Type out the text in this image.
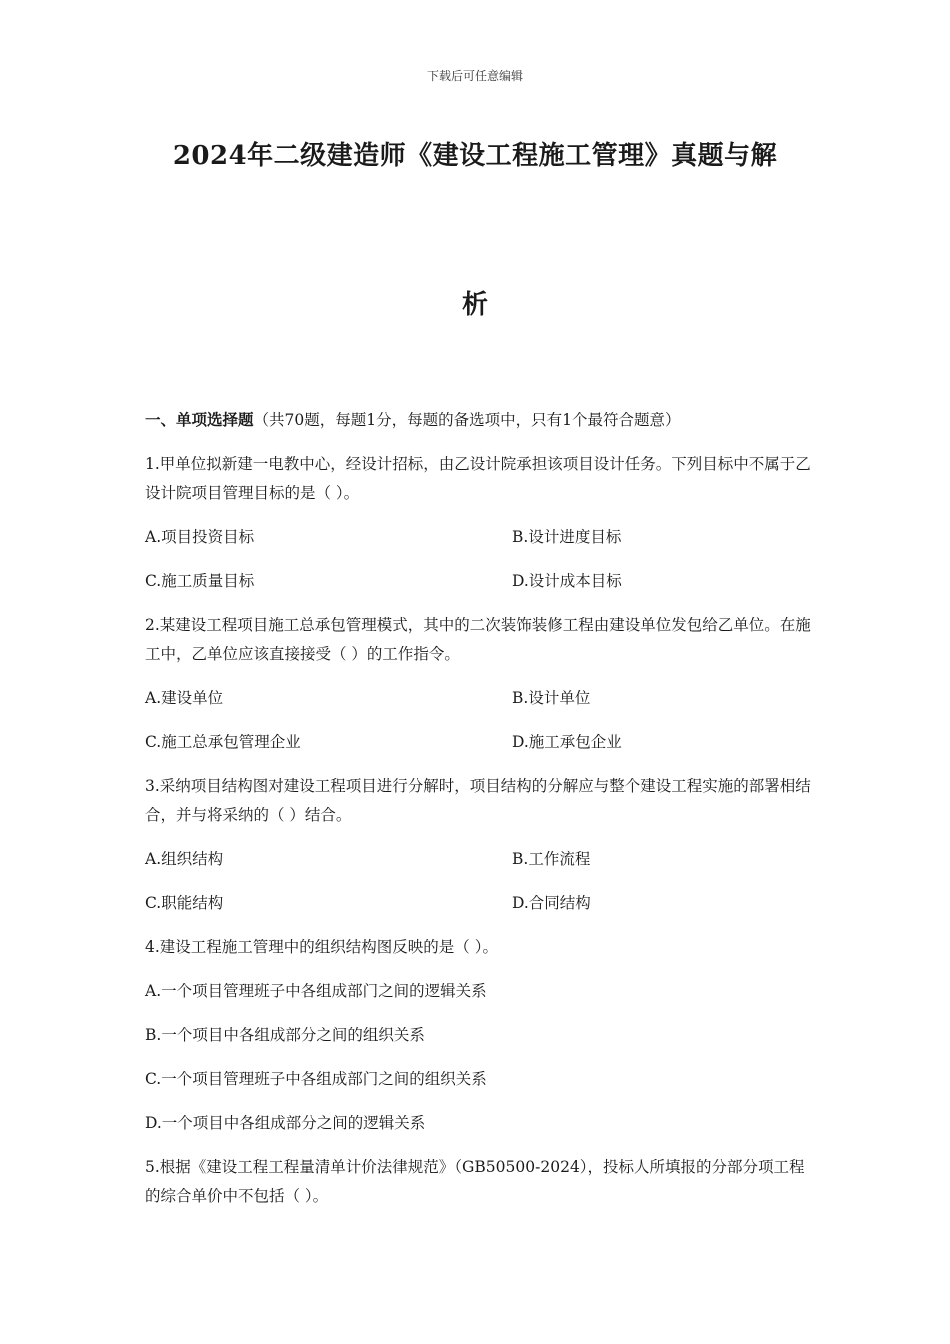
下载后可任意编辑
2024年二级建造师《建设工程施工管理》真题与解
析
一、单项选择题（共70题，每题1分，每题的备选项中，只有1个最符合题意）
1.甲单位拟新建一电教中心，经设计招标，由乙设计院承担该项目设计任务。下列目标中不属于乙设计院项目管理目标的是（ ）。
A.项目投资目标	B.设计进度目标
C.施工质量目标	D.设计成本目标
2.某建设工程项目施工总承包管理模式，其中的二次装饰装修工程由建设单位发包给乙单位。在施工中，乙单位应该直接接受（ ）的工作指令。
A.建设单位	B.设计单位
C.施工总承包管理企业	D.施工承包企业
3.采纳项目结构图对建设工程项目进行分解时，项目结构的分解应与整个建设工程实施的部署相结合，并与将采纳的（ ）结合。
A.组织结构	B.工作流程
C.职能结构	D.合同结构
4.建设工程施工管理中的组织结构图反映的是（ ）。
A.一个项目管理班子中各组成部门之间的逻辑关系
B.一个项目中各组成部分之间的组织关系
C.一个项目管理班子中各组成部门之间的组织关系
D.一个项目中各组成部分之间的逻辑关系
5.根据《建设工程工程量清单计价法律规范》（GB50500-2024），投标人所填报的分部分项工程的综合单价中不包括（ ）。
